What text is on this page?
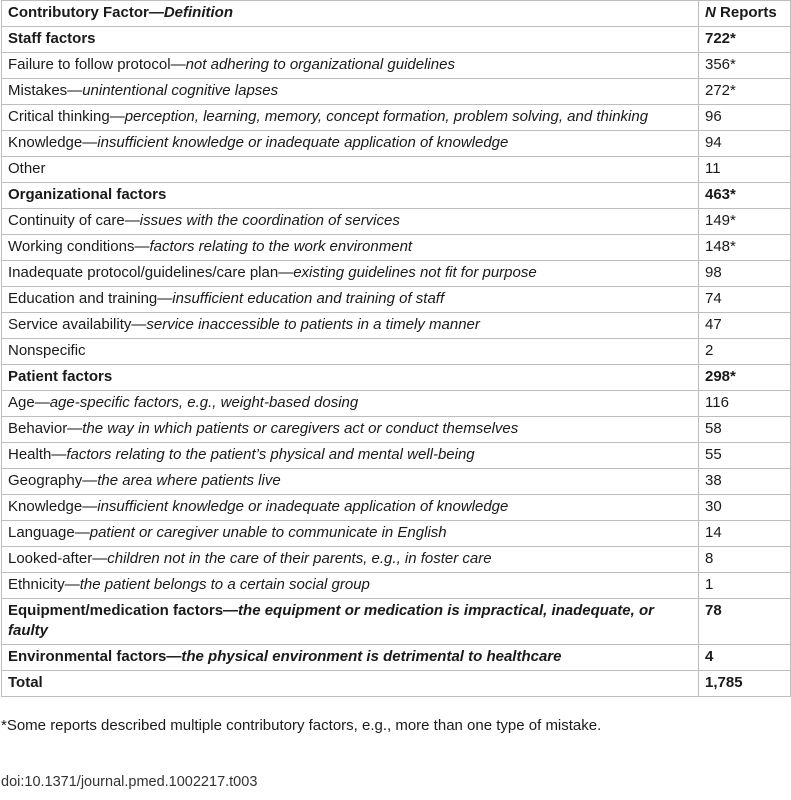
Contributory Factor—Definition	N Reports
Staff factors	722*
Failure to follow protocol—not adhering to organizational guidelines	356*
Mistakes—unintentional cognitive lapses	272*
Critical thinking—perception, learning, memory, concept formation, problem solving, and thinking	96
Knowledge—insufficient knowledge or inadequate application of knowledge	94
Other	11
Organizational factors	463*
Continuity of care—issues with the coordination of services	149*
Working conditions—factors relating to the work environment	148*
Inadequate protocol/guidelines/care plan—existing guidelines not fit for purpose	98
Education and training—insufficient education and training of staff	74
Service availability—service inaccessible to patients in a timely manner	47
Nonspecific	2
Patient factors	298*
Age—age-specific factors, e.g., weight-based dosing	116
Behavior—the way in which patients or caregivers act or conduct themselves	58
Health—factors relating to the patient’s physical and mental well-being	55
Geography—the area where patients live	38
Knowledge—insufficient knowledge or inadequate application of knowledge	30
Language—patient or caregiver unable to communicate in English	14
Looked-after—children not in the care of their parents, e.g., in foster care	8
Ethnicity—the patient belongs to a certain social group	1
Equipment/medication factors—the equipment or medication is impractical, inadequate, or faulty	78
Environmental factors—the physical environment is detrimental to healthcare	4
Total	1,785

*Some reports described multiple contributory factors, e.g., more than one type of mistake.

doi:10.1371/journal.pmed.1002217.t003
